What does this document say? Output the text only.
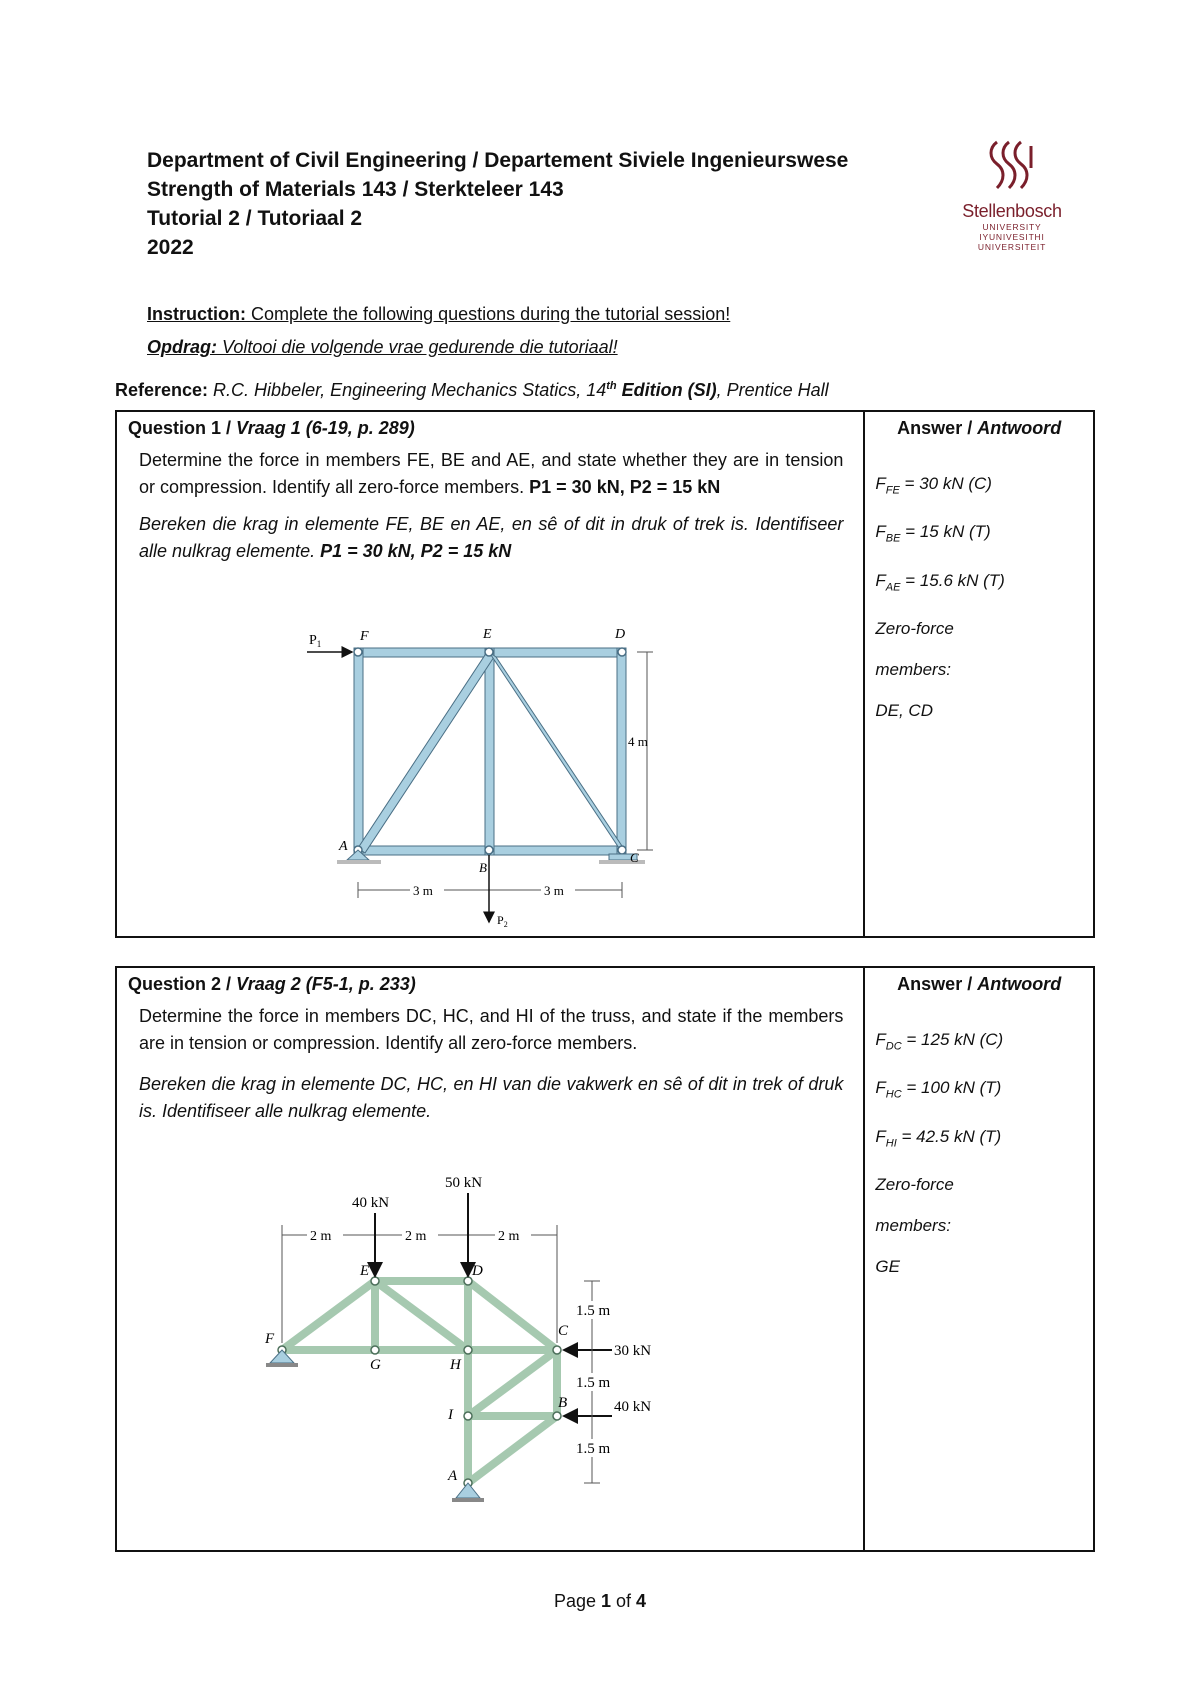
Department of Civil Engineering / Departement Siviele Ingenieurswese
Strength of Materials 143 / Sterkteleer 143
Tutorial 2 / Tutoriaal 2
2022
Stellenbosch
UNIVERSITY
IYUNIVESITHI
UNIVERSITEIT
Instruction: Complete the following questions during the tutorial session!
Opdrag: Voltooi die volgende vrae gedurende die tutoriaal!
Reference: R.C. Hibbeler, Engineering Mechanics Statics, 14th Edition (SI), Prentice Hall
Question 1 / Vraag 1 (6-19, p. 289)
Determine the force in members FE, BE and AE, and state whether they are in tension or compression. Identify all zero-force members. P1 = 30 kN, P2 = 15 kN
Bereken die krag in elemente FE, BE en AE, en sê of dit in druk of trek is. Identifiseer alle nulkrag elemente. P1 = 30 kN, P2 = 15 kN
$P_1$	F	E	D
A
B
C
4 m
3 m	3 m
$P_2$

Answer / Antwoord
$F_{FE} = 30$ kN (C)
$F_{BE} = 15$ kN (T)
$F_{AE} = 15.6$ kN (T)
Zero-force
members:
DE, CD
Question 2 / Vraag 2 (F5-1, p. 233)
Determine the force in members DC, HC, and HI of the truss, and state if the members are in tension or compression. Identify all zero-force members.
Bereken die krag in elemente DC, HC, en HI van die vakwerk en sê of dit in trek of druk is. Identifiseer alle nulkrag elemente.
2 m	2 m	2 m
40 kN
50 kN
30 kN
40 kN
1.5 m
1.5 m
1.5 m
E	D
F
G	H
C
B
I
A

Answer / Antwoord
$F_{DC} = 125$ kN (C)
$F_{HC} = 100$ kN (T)
$F_{HI} = 42.5$ kN (T)
Zero-force
members:
GE
Page 1 of 4
